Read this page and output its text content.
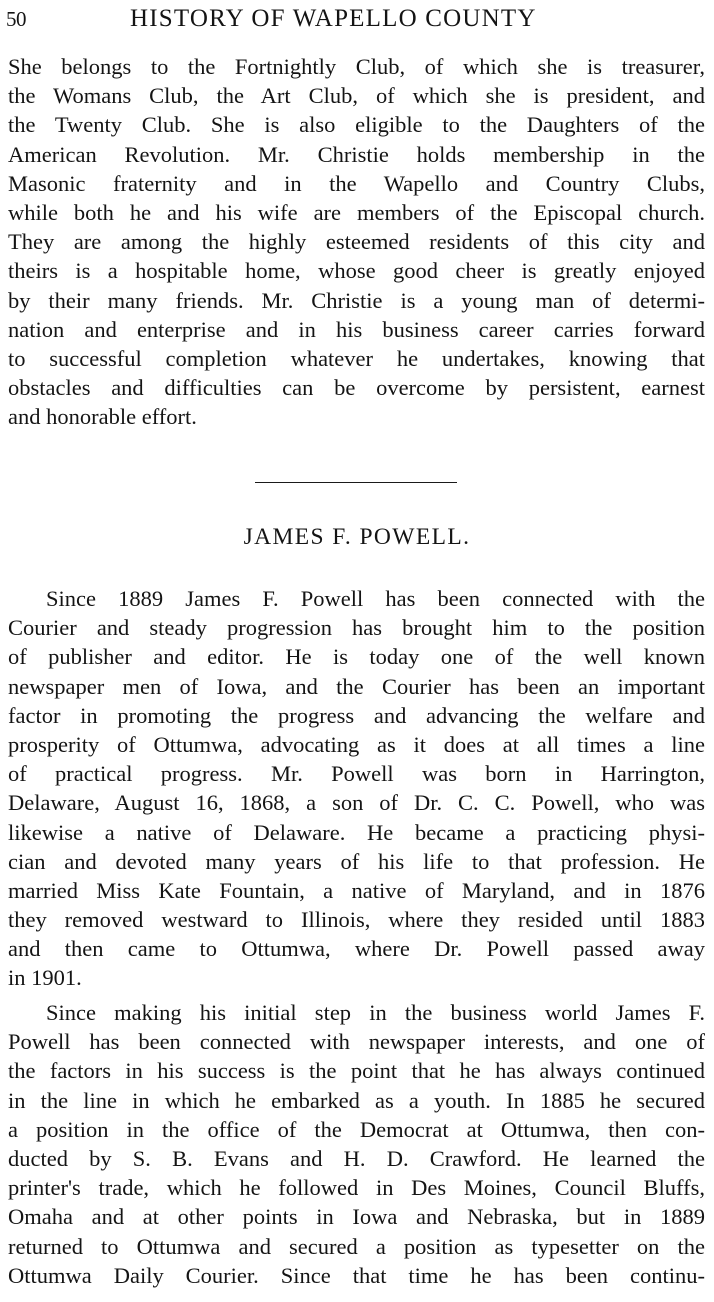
50	HISTORY OF WAPELLO COUNTY
She belongs to the Fortnightly Club, of which she is treasurer,
the Womans Club, the Art Club, of which she is president, and
the Twenty Club. She is also eligible to the Daughters of the
American Revolution. Mr. Christie holds membership in the
Masonic fraternity and in the Wapello and Country Clubs,
while both he and his wife are members of the Episcopal church.
They are among the highly esteemed residents of this city and
theirs is a hospitable home, whose good cheer is greatly enjoyed
by their many friends. Mr. Christie is a young man of determi-
nation and enterprise and in his business career carries forward
to successful completion whatever he undertakes, knowing that
obstacles and difficulties can be overcome by persistent, earnest
and honorable effort.
JAMES F. POWELL.
Since 1889 James F. Powell has been connected with the
Courier and steady progression has brought him to the position
of publisher and editor. He is today one of the well known
newspaper men of Iowa, and the Courier has been an important
factor in promoting the progress and advancing the welfare and
prosperity of Ottumwa, advocating as it does at all times a line
of practical progress. Mr. Powell was born in Harrington,
Delaware, August 16, 1868, a son of Dr. C. C. Powell, who was
likewise a native of Delaware. He became a practicing physi-
cian and devoted many years of his life to that profession. He
married Miss Kate Fountain, a native of Maryland, and in 1876
they removed westward to Illinois, where they resided until 1883
and then came to Ottumwa, where Dr. Powell passed away
in 1901.
Since making his initial step in the business world James F.
Powell has been connected with newspaper interests, and one of
the factors in his success is the point that he has always continued
in the line in which he embarked as a youth. In 1885 he secured
a position in the office of the Democrat at Ottumwa, then con-
ducted by S. B. Evans and H. D. Crawford. He learned the
printer's trade, which he followed in Des Moines, Council Bluffs,
Omaha and at other points in Iowa and Nebraska, but in 1889
returned to Ottumwa and secured a position as typesetter on the
Ottumwa Daily Courier. Since that time he has been continu-
